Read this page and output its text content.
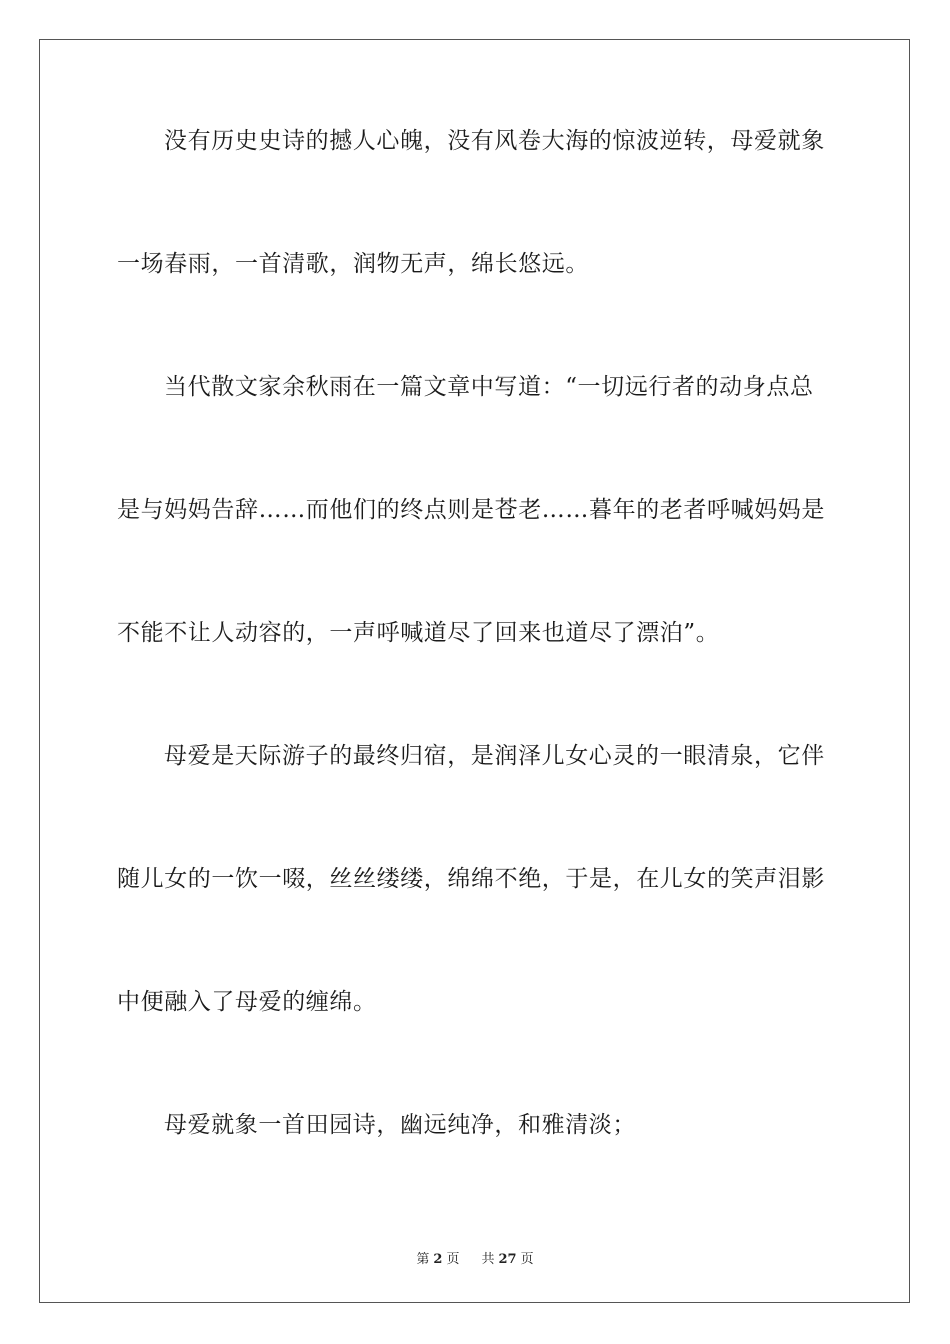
没有历史史诗的撼人心魄，没有风卷大海的惊波逆转，母爱就象

一场春雨，一首清歌，润物无声，绵长悠远。

当代散文家余秋雨在一篇文章中写道：“一切远行者的动身点总

是与妈妈告辞……而他们的终点则是苍老……暮年的老者呼喊妈妈是

不能不让人动容的，一声呼喊道尽了回来也道尽了漂泊”。

母爱是天际游子的最终归宿，是润泽儿女心灵的一眼清泉，它伴

随儿女的一饮一啜，丝丝缕缕，绵绵不绝，于是，在儿女的笑声泪影

中便融入了母爱的缠绵。

母爱就象一首田园诗，幽远纯净，和雅清淡；

第 2 页 共 27 页
